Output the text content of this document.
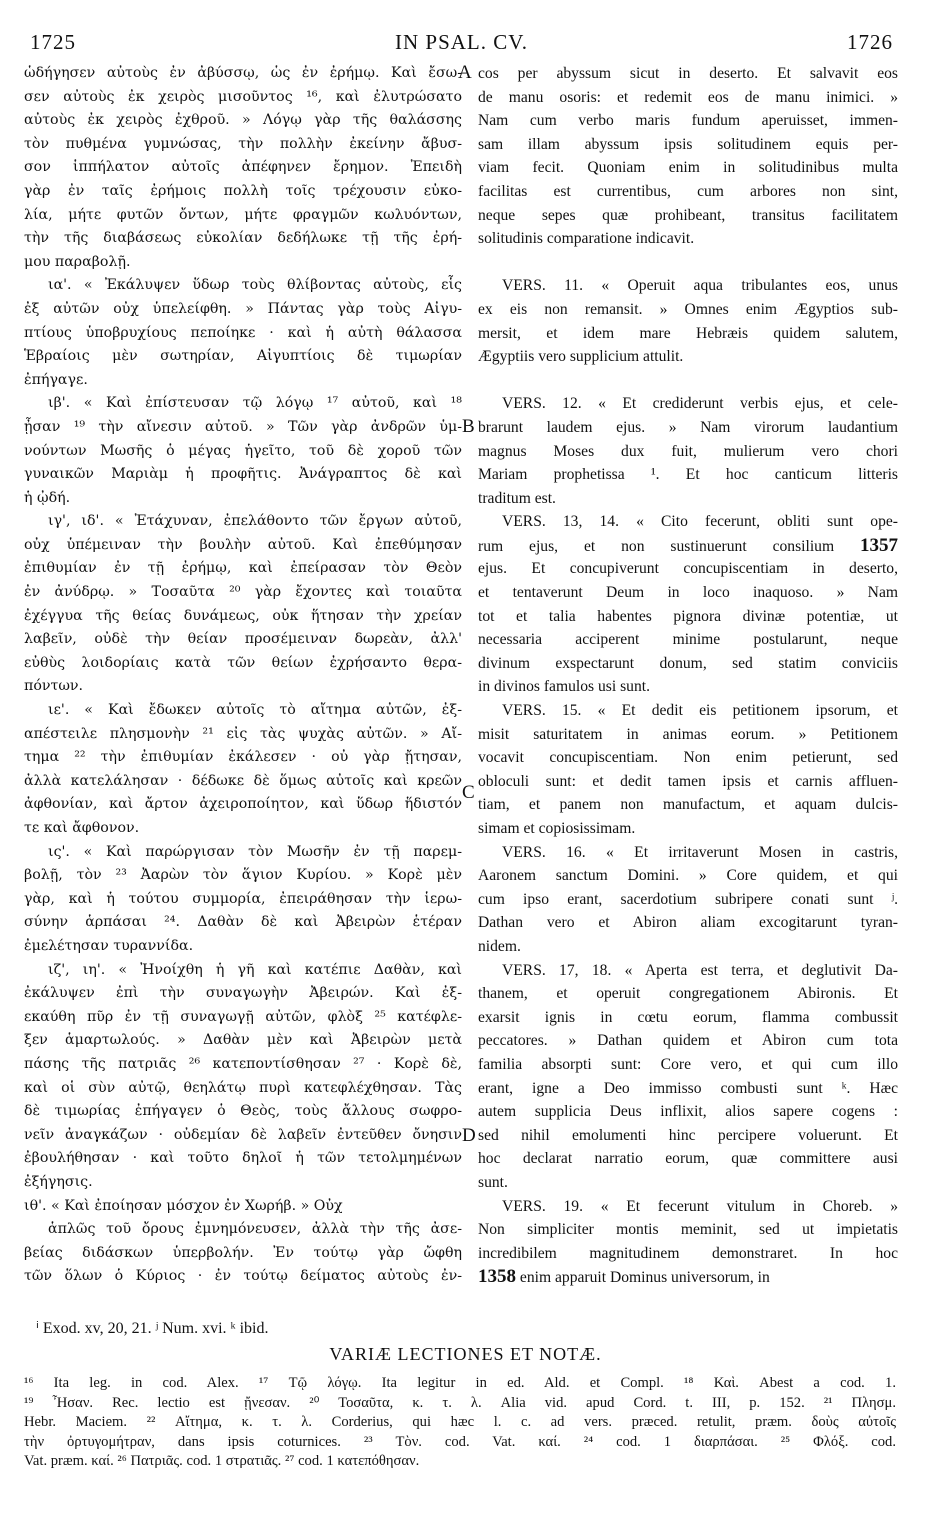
1725	IN PSAL. CV.	1726
ὡδήγησεν αὐτοὺς ἐν ἀβύσσῳ, ὡς ἐν ἐρήμῳ. Καὶ ἔσω-
σεν αὐτοὺς ἐκ χειρὸς μισοῦντος ¹⁶, καὶ ἐλυτρώσατο
αὐτοὺς ἐκ χειρὸς ἐχθροῦ. » Λόγῳ γὰρ τῆς θαλάσσης
τὸν πυθμένα γυμνώσας, τὴν πολλὴν ἐκείνην ἄβυσ-
σον ἱππήλατον αὐτοῖς ἀπέφηνεν ἔρημον. Ἐπειδὴ
γὰρ ἐν ταῖς ἐρήμοις πολλὴ τοῖς τρέχουσιν εὐκο-
λία, μήτε φυτῶν ὄντων, μήτε φραγμῶν κωλυόντων,
τὴν τῆς διαβάσεως εὐκολίαν δεδήλωκε τῇ τῆς ἐρή-
μου παραβολῇ.
ια'. « Ἐκάλυψεν ὕδωρ τοὺς θλίβοντας αὐτοὺς, εἷς
ἐξ αὐτῶν οὐχ ὑπελείφθη. » Πάντας γὰρ τοὺς Αἰγυ-
πτίους ὑποβρυχίους πεποίηκε · καὶ ἡ αὐτὴ θάλασσα
Ἑβραίοις μὲν σωτηρίαν, Αἰγυπτίοις δὲ τιμωρίαν
ἐπήγαγε.
ιβ'. « Καὶ ἐπίστευσαν τῷ λόγῳ ¹⁷ αὐτοῦ, καὶ ¹⁸
ᾖσαν ¹⁹ τὴν αἴνεσιν αὐτοῦ. » Τῶν γὰρ ἀνδρῶν ὑμ-
νούντων Μωσῆς ὁ μέγας ἡγεῖτο, τοῦ δὲ χοροῦ τῶν
γυναικῶν Μαριὰμ ἡ προφῆτις. Ἀνάγραπτος δὲ καὶ
ἡ ᾠδή.
ιγ', ιδ'. « Ἐτάχυναν, ἐπελάθοντο τῶν ἔργων αὐτοῦ,
οὐχ ὑπέμειναν τὴν βουλὴν αὐτοῦ. Καὶ ἐπεθύμησαν
ἐπιθυμίαν ἐν τῇ ἐρήμῳ, καὶ ἐπείρασαν τὸν Θεὸν
ἐν ἀνύδρῳ. » Τοσαῦτα ²⁰ γὰρ ἔχοντες καὶ τοιαῦτα
ἐχέγγυα τῆς θείας δυνάμεως, οὐκ ἥτησαν τὴν χρείαν
λαβεῖν, οὐδὲ τὴν θείαν προσέμειναν δωρεὰν, ἀλλ'
εὐθὺς λοιδορίαις κατὰ τῶν θείων ἐχρήσαντο θερα-
πόντων.
ιε'. « Καὶ ἔδωκεν αὐτοῖς τὸ αἴτημα αὐτῶν, ἐξ-
απέστειλε πλησμονὴν ²¹ εἰς τὰς ψυχὰς αὐτῶν. » Αἴ-
τημα ²² τὴν ἐπιθυμίαν ἐκάλεσεν · οὐ γὰρ ᾔτησαν,
ἀλλὰ κατελάλησαν · δέδωκε δὲ ὅμως αὐτοῖς καὶ κρεῶν
ἀφθονίαν, καὶ ἄρτον ἀχειροποίητον, καὶ ὕδωρ ἥδιστόν
τε καὶ ἄφθονον.
ις'. « Καὶ παρώργισαν τὸν Μωσῆν ἐν τῇ παρεμ-
βολῇ, τὸν ²³ Ἀαρὼν τὸν ἅγιον Κυρίου. » Κορὲ μὲν
γὰρ, καὶ ἡ τούτου συμμορία, ἐπειράθησαν τὴν ἱερω-
σύνην ἁρπάσαι ²⁴. Δαθὰν δὲ καὶ Ἀβειρὼν ἑτέραν
ἐμελέτησαν τυραννίδα.
ιζ', ιη'. « Ἠνοίχθη ἡ γῆ καὶ κατέπιε Δαθὰν, καὶ
ἐκάλυψεν ἐπὶ τὴν συναγωγὴν Ἀβειρών. Καὶ ἐξ-
εκαύθη πῦρ ἐν τῇ συναγωγῇ αὐτῶν, φλὸξ ²⁵ κατέφλε-
ξεν ἁμαρτωλούς. » Δαθὰν μὲν καὶ Ἀβειρὼν μετὰ
πάσης τῆς πατριᾶς ²⁶ κατεποντίσθησαν ²⁷ · Κορὲ δὲ,
καὶ οἱ σὺν αὐτῷ, θεηλάτῳ πυρὶ κατεφλέχθησαν. Τὰς
δὲ τιμωρίας ἐπήγαγεν ὁ Θεὸς, τοὺς ἄλλους σωφρο-
νεῖν ἀναγκάζων · οὐδεμίαν δὲ λαβεῖν ἐντεῦθεν ὄνησιν
ἐβουλήθησαν · καὶ τοῦτο δηλοῖ ἡ τῶν τετολμημένων
ἐξήγησις.
ιθ'. « Καὶ ἐποίησαν μόσχον ἐν Χωρήβ. » Οὐχ
ἁπλῶς τοῦ ὄρους ἐμνημόνευσεν, ἀλλὰ τὴν τῆς ἀσε-
βείας διδάσκων ὑπερβολήν. Ἐν τούτῳ γὰρ ὤφθη
τῶν ὅλων ὁ Κύριος · ἐν τούτῳ δείματος αὐτοὺς ἐν-
cos per abyssum sicut in deserto. Et salvavit eos
de manu osoris: et redemit eos de manu inimici. »
Nam cum verbo maris fundum aperuisset, immen-
sam illam abyssum ipsis solitudinem equis per-
viam fecit. Quoniam enim in solitudinibus multa
facilitas est currentibus, cum arbores non sint,
neque sepes quæ prohibeant, transitus facilitatem
solitudinis comparatione indicavit.
VERS. 11. « Operuit aqua tribulantes eos, unus
ex eis non remansit. » Omnes enim Ægyptios sub-
mersit, et idem mare Hebræis quidem salutem,
Ægyptiis vero supplicium attulit.
VERS. 12. « Et crediderunt verbis ejus, et cele-
brarunt laudem ejus. » Nam virorum laudantium
magnus Moses dux fuit, mulierum vero chori
Mariam prophetissa ¹. Et hoc canticum litteris
traditum est.
VERS. 13, 14. « Cito fecerunt, obliti sunt ope-
rum ejus, et non sustinuerunt consilium 1357
ejus. Et concupiverunt concupiscentiam in deserto,
et tentaverunt Deum in loco inaquoso. » Nam
tot et talia habentes pignora divinæ potentiæ, ut
necessaria acciperent minime postularunt, neque
divinum exspectarunt donum, sed statim conviciis
in divinos famulos usi sunt.
VERS. 15. « Et dedit eis petitionem ipsorum, et
misit saturitatem in animas eorum. » Petitionem
vocavit concupiscentiam. Non enim petierunt, sed
obloculi sunt: et dedit tamen ipsis et carnis affluen-
tiam, et panem non manufactum, et aquam dulcis-
simam et copiosissimam.
VERS. 16. « Et irritaverunt Mosen in castris,
Aaronem sanctum Domini. » Core quidem, et qui
cum ipso erant, sacerdotium subripere conati sunt ʲ.
Dathan vero et Abiron aliam excogitarunt tyran-
nidem.
VERS. 17, 18. « Aperta est terra, et deglutivit Da-
thanem, et operuit congregationem Abironis. Et
exarsit ignis in cœtu eorum, flamma combussit
peccatores. » Dathan quidem et Abiron cum tota
familia absorpti sunt: Core vero, et qui cum illo
erant, igne a Deo immisso combusti sunt ᵏ. Hæc
autem supplicia Deus inflixit, alios sapere cogens :
sed nihil emolumenti hinc percipere voluerunt. Et
hoc declarat narratio eorum, quæ committere ausi
sunt.
VERS. 19. « Et fecerunt vitulum in Choreb. »
Non simpliciter montis meminit, sed ut impietatis
incredibilem magnitudinem demonstraret. In hoc
1358 enim apparuit Dominus universorum, in
A
B
C
D
ⁱ Exod. xv, 20, 21. ʲ Num. xvi. ᵏ ibid.
VARIÆ LECTIONES ET NOTÆ.
¹⁶ Ita leg. in cod. Alex. ¹⁷ Τῷ λόγῳ. Ita legitur in ed. Ald. et Compl. ¹⁸ Καὶ. Abest a cod. 1.
¹⁹ Ἦσαν. Rec. lectio est ᾔνεσαν. ²⁰ Τοσαῦτα, κ. τ. λ. Alia vid. apud Cord. t. III, p. 152. ²¹ Πλησμ.
Hebr. Maciem. ²² Αἴτημα, κ. τ. λ. Corderius, qui hæc l. c. ad vers. præced. retulit, præm. δοὺς αὐτοῖς
τὴν ὀρτυγομήτραν, dans ipsis coturnices. ²³ Τὸν. cod. Vat. καί. ²⁴ cod. 1 διαρπάσαι. ²⁵ Φλόξ. cod.
Vat. præm. καί. ²⁶ Πατριᾶς. cod. 1 στρατιᾶς. ²⁷ cod. 1 κατεπόθησαν.
